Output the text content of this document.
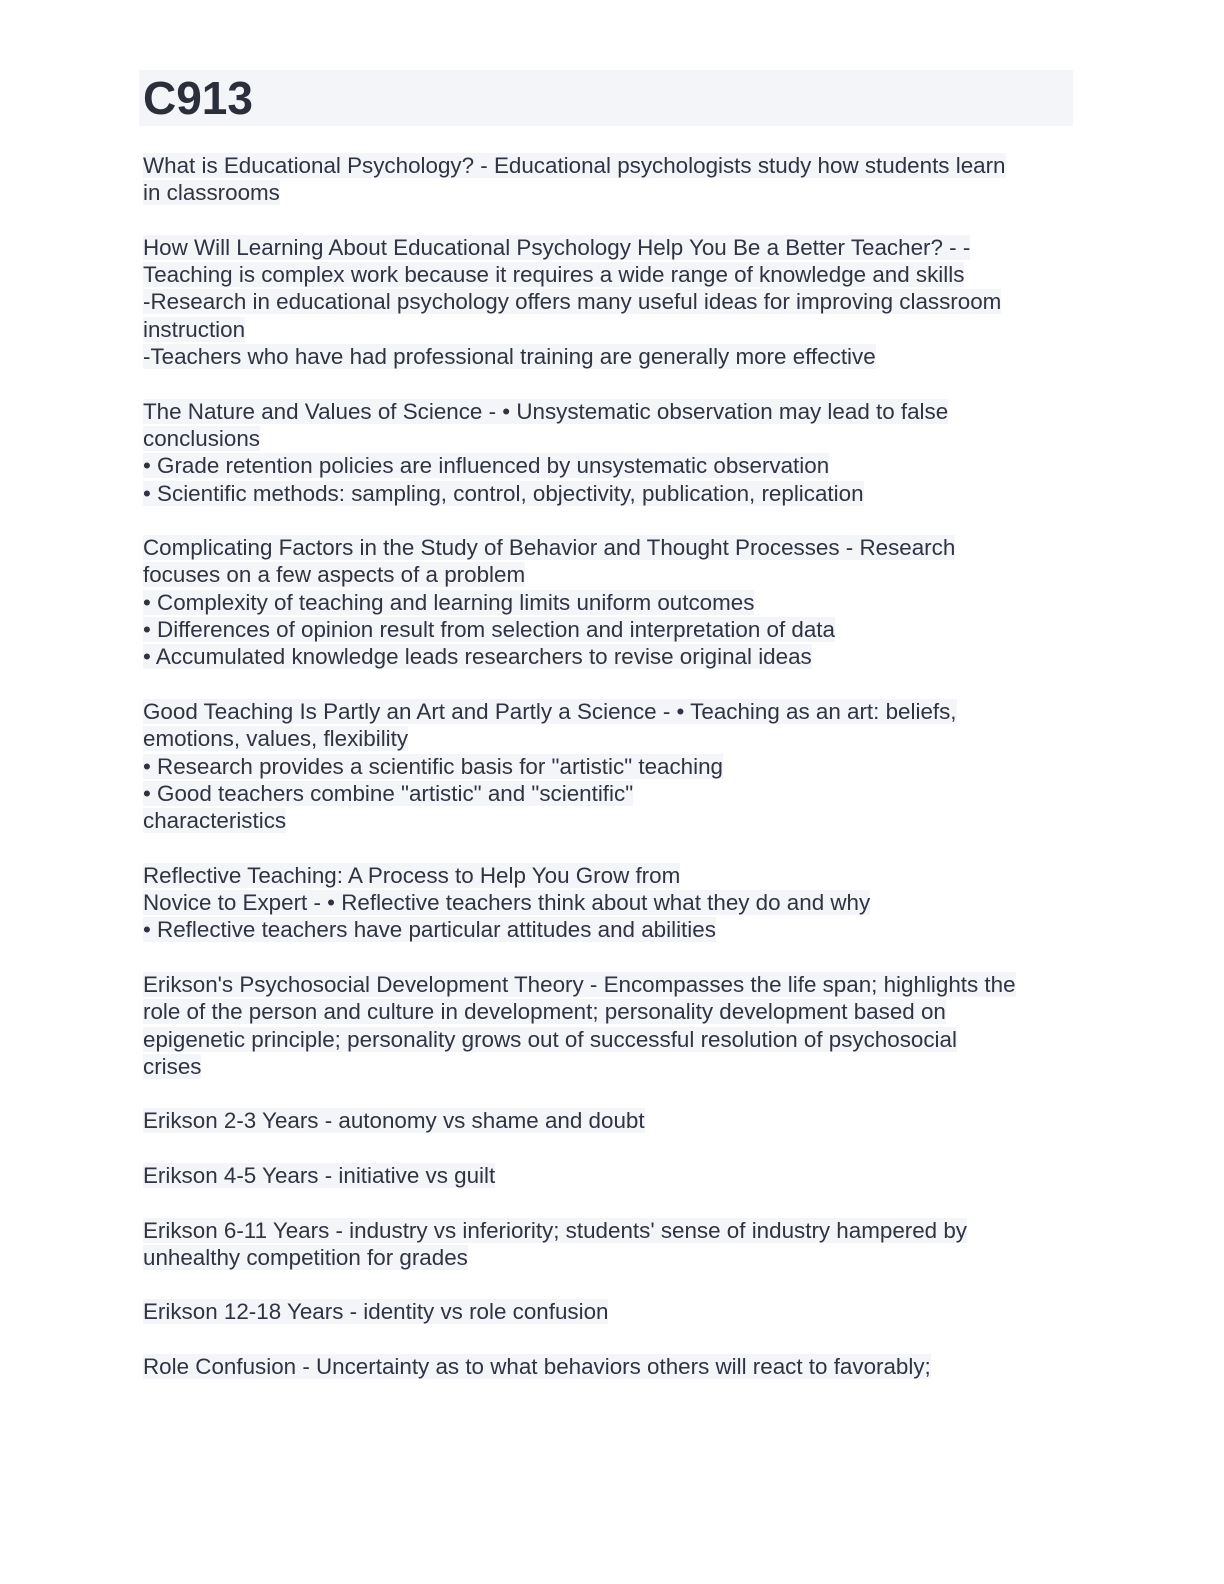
C913
What is Educational Psychology? - Educational psychologists study how students learn
in classrooms
How Will Learning About Educational Psychology Help You Be a Better Teacher? - -
Teaching is complex work because it requires a wide range of knowledge and skills
-Research in educational psychology offers many useful ideas for improving classroom
instruction
-Teachers who have had professional training are generally more effective
The Nature and Values of Science - • Unsystematic observation may lead to false
conclusions
• Grade retention policies are influenced by unsystematic observation
• Scientific methods: sampling, control, objectivity, publication, replication
Complicating Factors in the Study of Behavior and Thought Processes - Research
focuses on a few aspects of a problem
• Complexity of teaching and learning limits uniform outcomes
• Differences of opinion result from selection and interpretation of data
• Accumulated knowledge leads researchers to revise original ideas
Good Teaching Is Partly an Art and Partly a Science - • Teaching as an art: beliefs,
emotions, values, flexibility
• Research provides a scientific basis for "artistic" teaching
• Good teachers combine "artistic" and "scientific"
characteristics
Reflective Teaching: A Process to Help You Grow from
Novice to Expert - • Reflective teachers think about what they do and why
• Reflective teachers have particular attitudes and abilities
Erikson's Psychosocial Development Theory - Encompasses the life span; highlights the
role of the person and culture in development; personality development based on
epigenetic principle; personality grows out of successful resolution of psychosocial
crises
Erikson 2-3 Years - autonomy vs shame and doubt
Erikson 4-5 Years - initiative vs guilt
Erikson 6-11 Years - industry vs inferiority; students' sense of industry hampered by
unhealthy competition for grades
Erikson 12-18 Years - identity vs role confusion
Role Confusion - Uncertainty as to what behaviors others will react to favorably;
